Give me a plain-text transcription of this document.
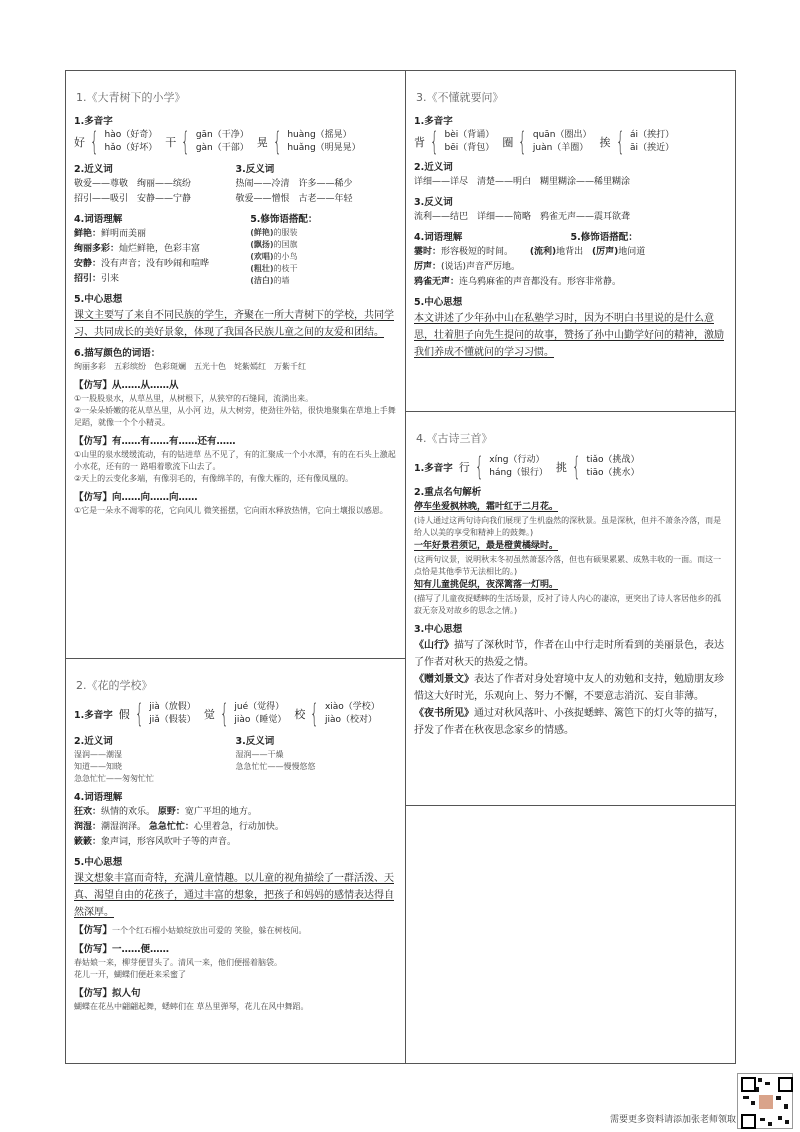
1.《大青树下的小学》
1.多音字
好 { hào（好奇）
hǎo（好坏） 干 { gān（干净）
gàn（干部） 晃 { huàng（摇晃）
huǎng（明晃晃）
2.近义词
敬爱——尊敬　绚丽——缤纷
招引——吸引　安静——宁静
3.反义词
热闹——冷清　许多——稀少
敬爱——憎恨　古老——年轻
4.词语理解
鲜艳：鲜明而美丽
绚丽多彩：灿烂鲜艳，色彩丰富
安静：没有声音；没有吵闹和喧哗
招引：引来
5.修饰语搭配：
(鲜艳)的服装
(飘扬)的国旗
(欢唱)的小鸟
(粗壮)的枝干
(洁白)的墙
5.中心思想
课文主要写了来自不同民族的学生，齐聚在一所大青树下的学校，共同学习、共同成长的美好景象，体现了我国各民族儿童之间的友爱和团结。
6.描写颜色的词语：
绚丽多彩　五彩缤纷　色彩斑斓　五光十色　姹紫嫣红　万紫千红
【仿写】从……从……从
①一股股泉水，从草丛里，从树根下，从狭窄的石缝间，流淌出来。
②一朵朵娇嫩的花从草丛里，从小河 边，从大树旁，使劲往外钻，很快地聚集在草地上手舞足蹈，就像一个个小精灵。
【仿写】有……有……有……还有……
①山里的泉水缓缓流动，有的钻进草 丛不见了，有的汇聚成一个小水潭，有的在石头上激起小水花，还有的一 路唱着歌流下山去了。
②天上的云变化多端，有像羽毛的，有像绵羊的，有像大雁的，还有像凤凰的。
【仿写】向……向……向……
①它是一朵永不凋零的花，它向风儿 微笑摇摆，它向雨水释放热情，它向土壤报以感恩。
3.《不懂就要问》
1.多音字
背 { bèi（背诵）
bēi（背包） 圈 { quān（圈出）
juàn（羊圈） 挨 { ái（挨打）
āi（挨近）
2.近义词
详细——详尽　清楚——明白　糊里糊涂——稀里糊涂
3.反义词
流利——结巴　详细——简略　鸦雀无声——震耳欲聋
4.词语理解	5.修饰语搭配：
霎时：形容极短的时间。 (流利)地背出 (厉声)地问道
厉声：(说话)声音严厉地。
鸦雀无声：连乌鸦麻雀的声音都没有。形容非常静。
5.中心思想
本文讲述了少年孙中山在私塾学习时，因为不明白书里说的是什么意思，壮着胆子向先生提问的故事，赞扬了孙中山勤学好问的精神，激励我们养成不懂就问的学习习惯。
4.《古诗三首》
1.多音字 行 { xíng（行动）
háng（银行） 挑 { tiǎo（挑战）
tiāo（挑水）
2.重点名句解析
停车坐爱枫林晚，霜叶红于二月花。
(诗人通过这两句诗向我们展现了生机盎然的深秋景。虽是深秋，但并不萧条冷落，而是给人以美的享受和精神上的鼓舞。)
一年好景君须记，最是橙黄橘绿时。
(这两句议景，说明秋末冬初虽然萧瑟冷落，但也有硕果累累、成熟丰收的一面。而这一点恰是其他季节无法相比的。)
知有儿童挑促织，夜深篱落一灯明。
(描写了儿童夜捉蟋蟀的生活场景，反衬了诗人内心的凄凉，更突出了诗人客居他乡的孤寂无奈及对故乡的思念之情。)
3.中心思想
《山行》描写了深秋时节，作者在山中行走时所看到的美丽景色，表达了作者对秋天的热爱之情。
《赠刘景文》表达了作者对身处窘境中友人的劝勉和支持，勉励朋友珍惜这大好时光，乐观向上、努力不懈，不要意志消沉、妄自菲薄。
《夜书所见》通过对秋风落叶、小孩捉蟋蟀、篱笆下的灯火等的描写，抒发了作者在秋夜思念家乡的情感。
2.《花的学校》
1.多音字 假 { jià（放假）
jiǎ（假装） 觉 { jué（觉得）
jiào（睡觉） 校 { xiào（学校）
jiào（校对）
2.近义词
湿润——潮湿
知道——知晓
急急忙忙——匆匆忙忙
3.反义词
湿润——干燥
急急忙忙——慢慢悠悠
4.词语理解
狂欢：纵情的欢乐。 原野：宽广平坦的地方。
润湿：潮湿润泽。 急急忙忙：心里着急，行动加快。
簌簌：象声词，形容风吹叶子等的声音。
5.中心思想
课文想象丰富而奇特，充满儿童情趣。以儿童的视角描绘了一群活泼、天真、渴望自由的花孩子，通过丰富的想象，把孩子和妈妈的感情表达得自然深厚。
【仿写】一个个红石榴小姑娘绽放出可爱的 笑脸，躲在树枝间。
【仿写】一……便……
春姑娘一来，柳芽便冒头了。清风一来，他们便摇着脑袋。
花儿一开，蝴蝶们便赶来采蜜了
【仿写】拟人句
蝴蝶在花丛中翩翩起舞，蟋蟀们在 草丛里弹琴，花儿在风中舞蹈。
需要更多资料请添加张老师领取
